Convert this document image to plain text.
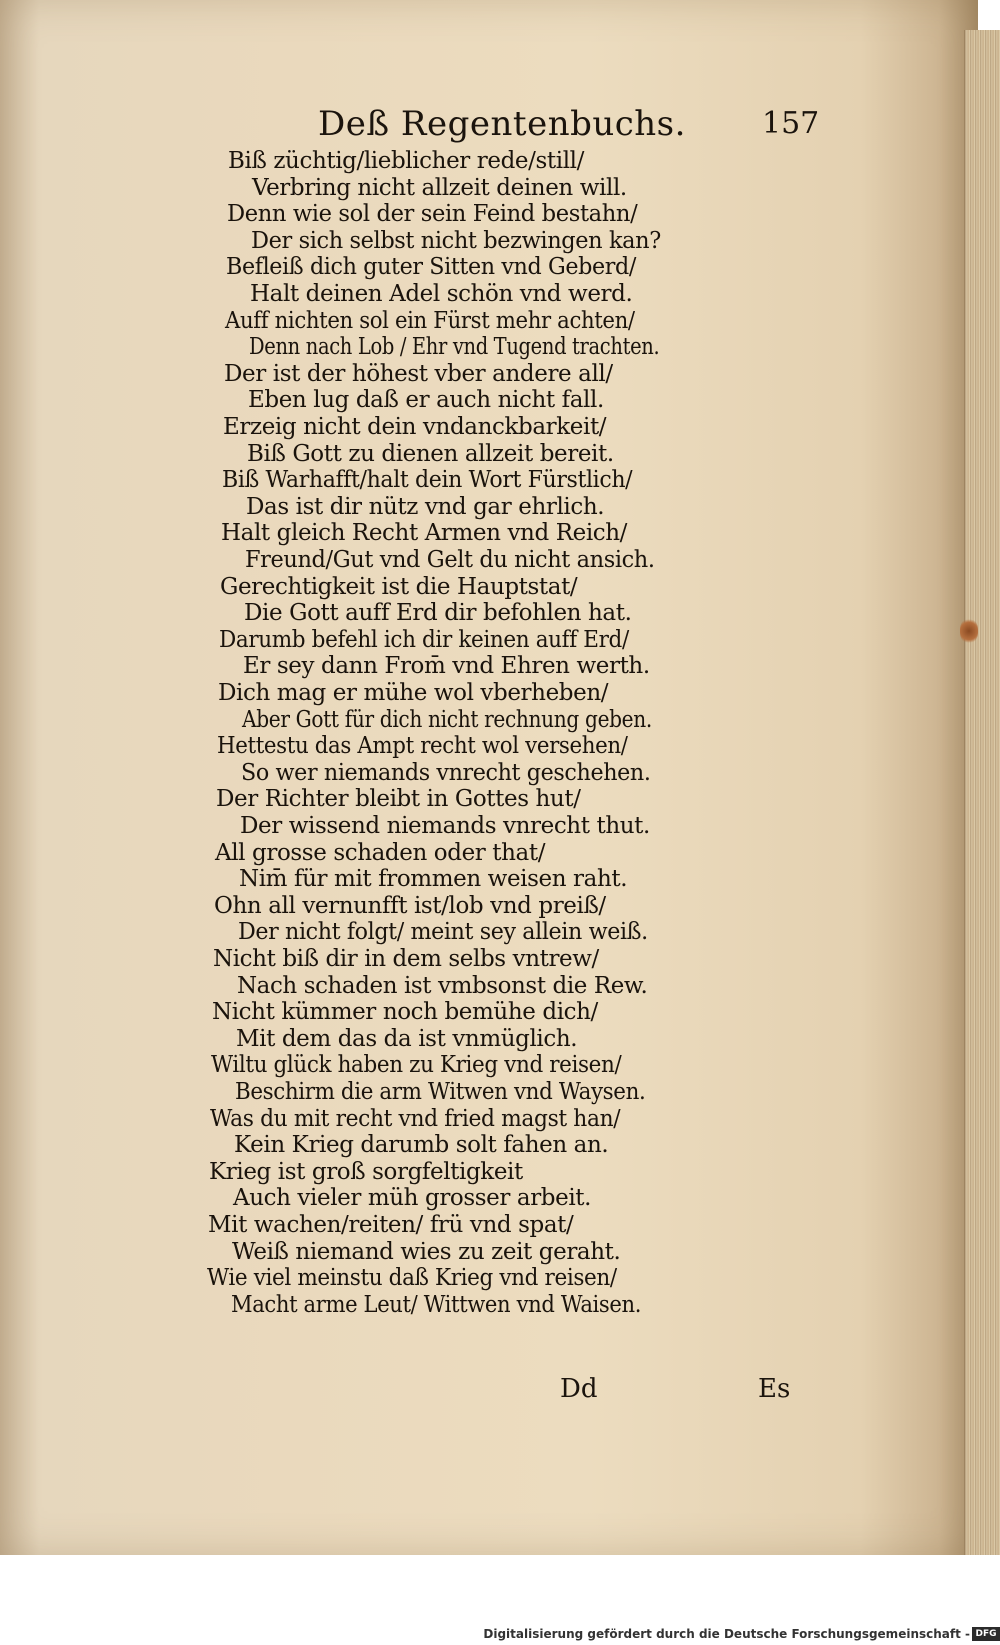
Deß Regentenbuchs.	157
Biß züchtig/lieblicher rede/still/
Verbring nicht allzeit deinen will.
Denn wie sol der sein Feind bestahn/
Der sich selbst nicht bezwingen kan?
Befleiß dich guter Sitten vnd Geberd/
Halt deinen Adel schön vnd werd.
Auff nichten sol ein Fürst mehr achten/
Denn nach Lob / Ehr vnd Tugend trachten.
Der ist der höhest vber andere all/
Eben lug daß er auch nicht fall.
Erzeig nicht dein vndanckbarkeit/
Biß Gott zu dienen allzeit bereit.
Biß Warhafft/halt dein Wort Fürstlich/
Das ist dir nütz vnd gar ehrlich.
Halt gleich Recht Armen vnd Reich/
Freund/Gut vnd Gelt du nicht ansich.
Gerechtigkeit ist die Hauptstat/
Die Gott auff Erd dir befohlen hat.
Darumb befehl ich dir keinen auff Erd/
Er sey dann From̄ vnd Ehren werth.
Dich mag er mühe wol vberheben/
Aber Gott für dich nicht rechnung geben.
Hettestu das Ampt recht wol versehen/
So wer niemands vnrecht geschehen.
Der Richter bleibt in Gottes hut/
Der wissend niemands vnrecht thut.
All grosse schaden oder that/
Nim̄ für mit frommen weisen raht.
Ohn all vernunfft ist/lob vnd preiß/
Der nicht folgt/ meint sey allein weiß.
Nicht biß dir in dem selbs vntrew/
Nach schaden ist vmbsonst die Rew.
Nicht kümmer noch bemühe dich/
Mit dem das da ist vnmüglich.
Wiltu glück haben zu Krieg vnd reisen/
Beschirm die arm Witwen vnd Waysen.
Was du mit recht vnd fried magst han/
Kein Krieg darumb solt fahen an.
Krieg ist groß sorgfeltigkeit
Auch vieler müh grosser arbeit.
Mit wachen/reiten/ frü vnd spat/
Weiß niemand wies zu zeit geraht.
Wie viel meinstu daß Krieg vnd reisen/
Macht arme Leut/ Wittwen vnd Waisen.
Dd	Es
Digitalisierung gefördert durch die Deutsche Forschungsgemeinschaft - DFG
